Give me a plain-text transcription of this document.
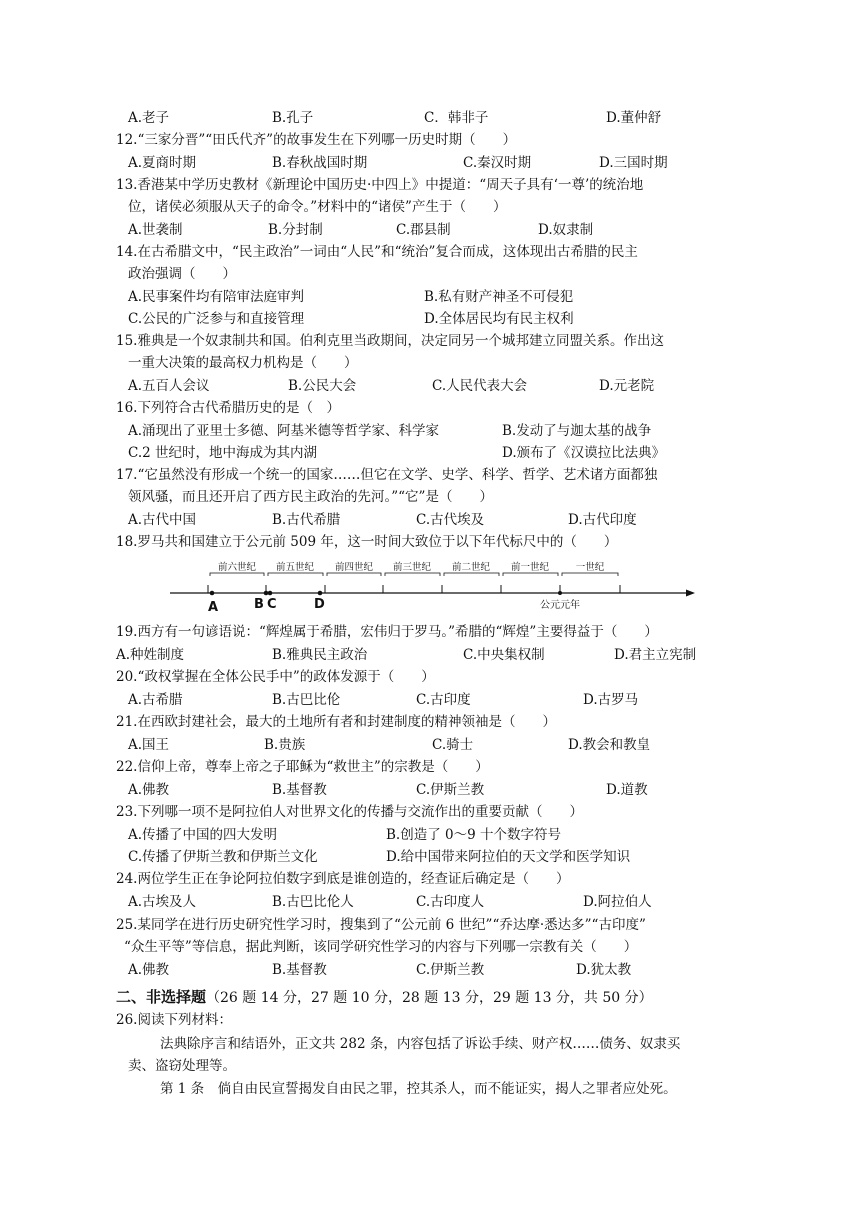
A.老子	B.孔子	C．韩非子	D.董仲舒
12.“三家分晋”“田氏代齐”的故事发生在下列哪一历史时期（　　）
A.夏商时期	B.春秋战国时期	C.秦汉时期	D.三国时期
13.香港某中学历史教材《新理论中国历史·中四上》中提道：“周天子具有‘一尊’的统治地
位，诸侯必须服从天子的命令。”材料中的“诸侯”产生于（　　）
A.世袭制	B.分封制	C.郡县制	D.奴隶制
14.在古希腊文中，“民主政治”一词由“人民”和“统治”复合而成，这体现出古希腊的民主
政治强调（　　）
A.民事案件均有陪审法庭审判	B.私有财产神圣不可侵犯
C.公民的广泛参与和直接管理	D.全体居民均有民主权利
15.雅典是一个奴隶制共和国。伯利克里当政期间，决定同另一个城邦建立同盟关系。作出这
一重大决策的最高权力机构是（　　）
A.五百人会议	B.公民大会	C.人民代表大会	D.元老院
16.下列符合古代希腊历史的是（　）
A.涌现出了亚里士多德、阿基米德等哲学家、科学家	B.发动了与迦太基的战争
C.2 世纪时，地中海成为其内湖	D.颁布了《汉谟拉比法典》
17.“它虽然没有形成一个统一的国家……但它在文学、史学、科学、哲学、艺术诸方面都独
领风骚，而且还开启了西方民主政治的先河。”“它”是（　　）
A.古代中国	B.古代希腊	C.古代埃及	D.古代印度
18.罗马共和国建立于公元前 509 年，这一时间大致位于以下年代标尺中的（　　）
前六世纪 前五世纪 前四世纪 前三世纪 前二世纪 前一世纪	一世纪
A	B C	D	公元元年
19.西方有一句谚语说：“辉煌属于希腊，宏伟归于罗马。”希腊的“辉煌”主要得益于（　　）
A.种姓制度	B.雅典民主政治	C.中央集权制	D.君主立宪制
20.“政权掌握在全体公民手中”的政体发源于（　　）
A.古希腊	B.古巴比伦	C.古印度	D.古罗马
21.在西欧封建社会，最大的土地所有者和封建制度的精神领袖是（　　）
A.国王	B.贵族	C.骑士	D.教会和教皇
22.信仰上帝，尊奉上帝之子耶稣为“救世主”的宗教是（　　）
A.佛教	B.基督教	C.伊斯兰教	D.道教
23.下列哪一项不是阿拉伯人对世界文化的传播与交流作出的重要贡献（　　）
A.传播了中国的四大发明	B.创造了 0～9 十个数字符号
C.传播了伊斯兰教和伊斯兰文化	D.给中国带来阿拉伯的天文学和医学知识
24.两位学生正在争论阿拉伯数字到底是谁创造的，经查证后确定是（　　）
A.古埃及人	B.古巴比伦人	C.古印度人	D.阿拉伯人
25.某同学在进行历史研究性学习时，搜集到了“公元前 6 世纪”“乔达摩·悉达多”“古印度”
“众生平等”等信息，据此判断，该同学研究性学习的内容与下列哪一宗教有关（　　）
A.佛教	B.基督教	C.伊斯兰教	D.犹太教
二、非选择题（26 题 14 分，27 题 10 分，28 题 13 分，29 题 13 分，共 50 分）
26.阅读下列材料：
法典除序言和结语外，正文共 282 条，内容包括了诉讼手续、财产权……债务、奴隶买
卖、盗窃处理等。
第 1 条　倘自由民宣誓揭发自由民之罪，控其杀人，而不能证实，揭人之罪者应处死。
